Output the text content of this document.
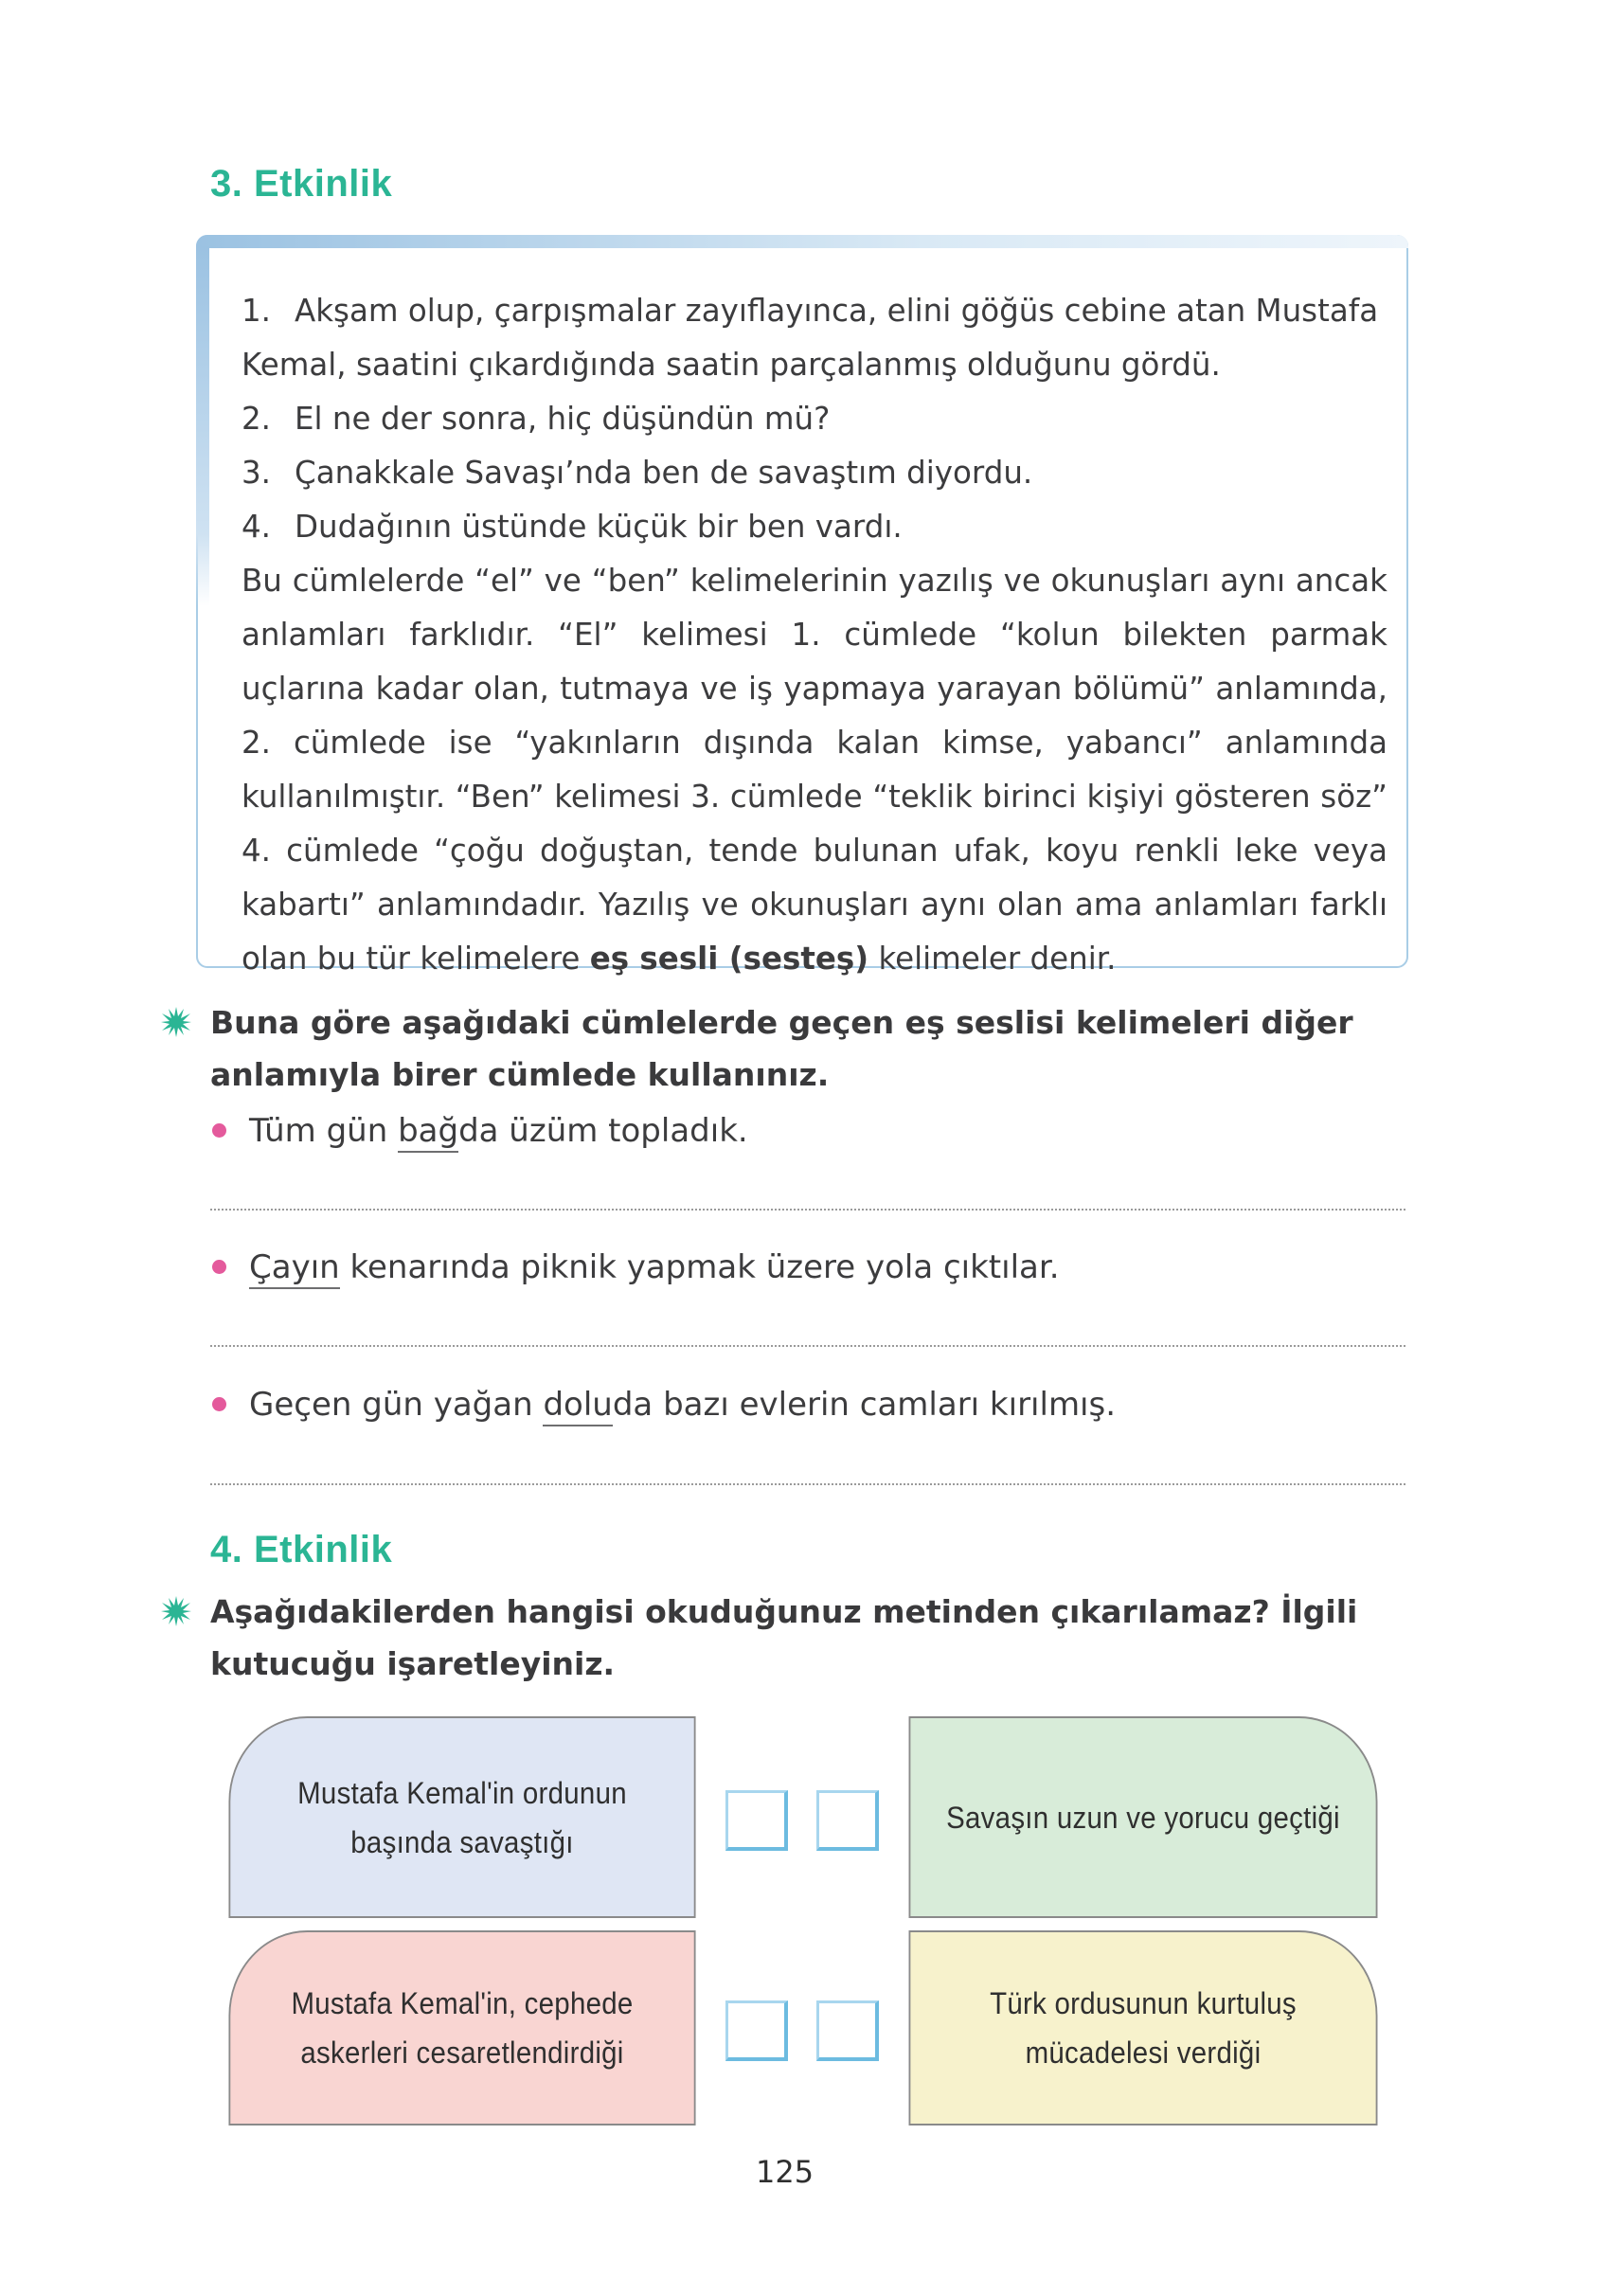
3. Etkinlik

1. Akşam olup, çarpışmalar zayıflayınca, elini göğüs cebine atan Mustafa Kemal, saatini çıkardığında saatin parçalanmış olduğunu gördü.

2. El ne der sonra, hiç düşündün mü?

3. Çanakkale Savaşı’nda ben de savaştım diyordu.

4. Dudağının üstünde küçük bir ben vardı.

Bu cümlelerde “el” ve “ben” kelimelerinin yazılış ve okunuşları aynı ancak anlamları farklıdır. “El” kelimesi 1. cümlede “kolun bilekten parmak uçlarına kadar olan, tutmaya ve iş yapmaya yarayan bölümü” anlamında, 2. cümlede ise “yakınların dışında kalan kimse, yabancı” anlamında kullanılmıştır. “Ben” kelimesi 3. cümlede “teklik birinci kişiyi gösteren söz” 4. cümlede “çoğu doğuştan, tende bulunan ufak, koyu renkli leke veya kabartı” anlamındadır. Yazılış ve okunuşları aynı olan ama anlamları farklı olan bu tür kelimelere eş sesli (sesteş) kelimeler denir.

Buna göre aşağıdaki cümlelerde geçen eş seslisi kelimeleri diğer anlamıyla birer cümlede kullanınız.
Tüm gün bağda üzüm topladık.
Çayın kenarında piknik yapmak üzere yola çıktılar.
Geçen gün yağan doluda bazı evlerin camları kırılmış.
4. Etkinlik
Aşağıdakilerden hangisi okuduğunuz metinden çıkarılamaz? İlgili kutucuğu işaretleyiniz.
Mustafa Kemal'in ordunun başında savaştığı
Savaşın uzun ve yorucu geçtiği
Mustafa Kemal'in, cephede askerleri cesaretlendirdiği
Türk ordusunun kurtuluş mücadelesi verdiği
125
